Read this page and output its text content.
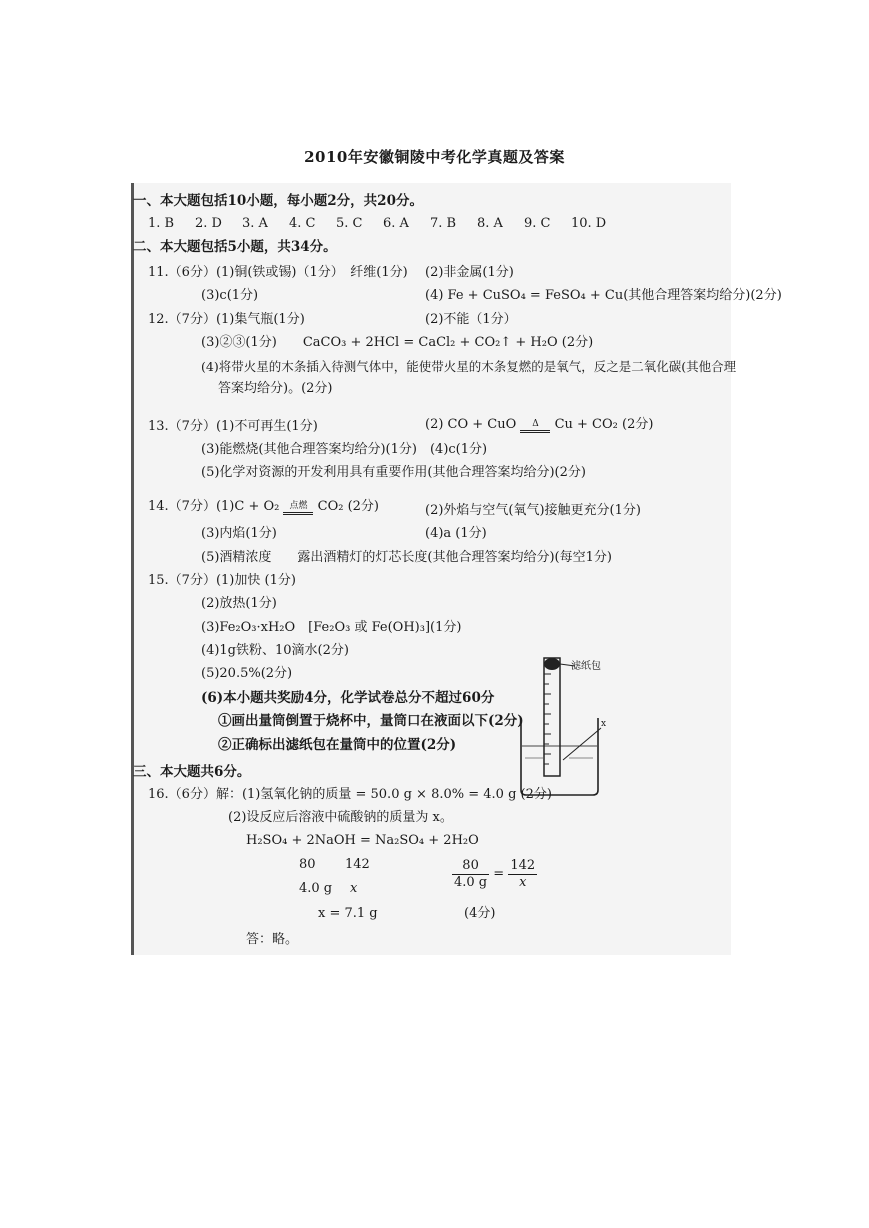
2010年安徽铜陵中考化学真题及答案
一、本大题包括10小题，每小题2分，共20分。
1. B 2. D 3. A 4. C 5. C 6. A 7. B 8. A 9. C 10. D
二、本大题包括5小题，共34分。
11.（6分）(1)铜(铁或锡)（1分）　纤维(1分) (2)非金属(1分)
(3)c(1分)	(4) Fe + CuSO₄ = FeSO₄ + Cu(其他合理答案均给分)(2分)
12.（7分）(1)集气瓶(1分)	(2)不能（1分）
(3)②③(1分)　　CaCO₃ + 2HCl = CaCl₂ + CO₂↑ + H₂O (2分)
(4)将带火星的木条插入待测气体中，能使带火星的木条复燃的是氧气，反之是二氧化碳(其他合理
答案均给分)。(2分)
13.（7分）(1)不可再生(1分)	(2) CO + CuO Δ Cu + CO₂ (2分)
(3)能燃烧(其他合理答案均给分)(1分)　(4)c(1分)
(5)化学对资源的开发利用具有重要作用(其他合理答案均给分)(2分)
14.（7分）(1)C + O₂ 点燃 CO₂ (2分)	(2)外焰与空气(氧气)接触更充分(1分)
(3)内焰(1分)	(4)a (1分)
(5)酒精浓度　　露出酒精灯的灯芯长度(其他合理答案均给分)(每空1分)
15.（7分）(1)加快 (1分)
(2)放热(1分)
(3)Fe₂O₃·xH₂O　[Fe₂O₃ 或 Fe(OH)₃](1分)
(4)1g铁粉、10滴水(2分)
(5)20.5%(2分)
(6)本小题共奖励4分，化学试卷总分不超过60分
①画出量筒倒置于烧杯中，量筒口在液面以下(2分)
②正确标出滤纸包在量筒中的位置(2分)
x
滤纸包
三、本大题共6分。
16.（6分）解：(1)氢氧化钠的质量 = 50.0 g × 8.0% = 4.0 g (2分)
(2)设反应后溶液中硫酸钠的质量为 x。
H₂SO₄ + 2NaOH = Na₂SO₄ + 2H₂O
80 142
4.0 g x	$\frac{80}{4.0 g} = \frac{142}{x}$
x = 7.1 g	(4分)
答：略。
